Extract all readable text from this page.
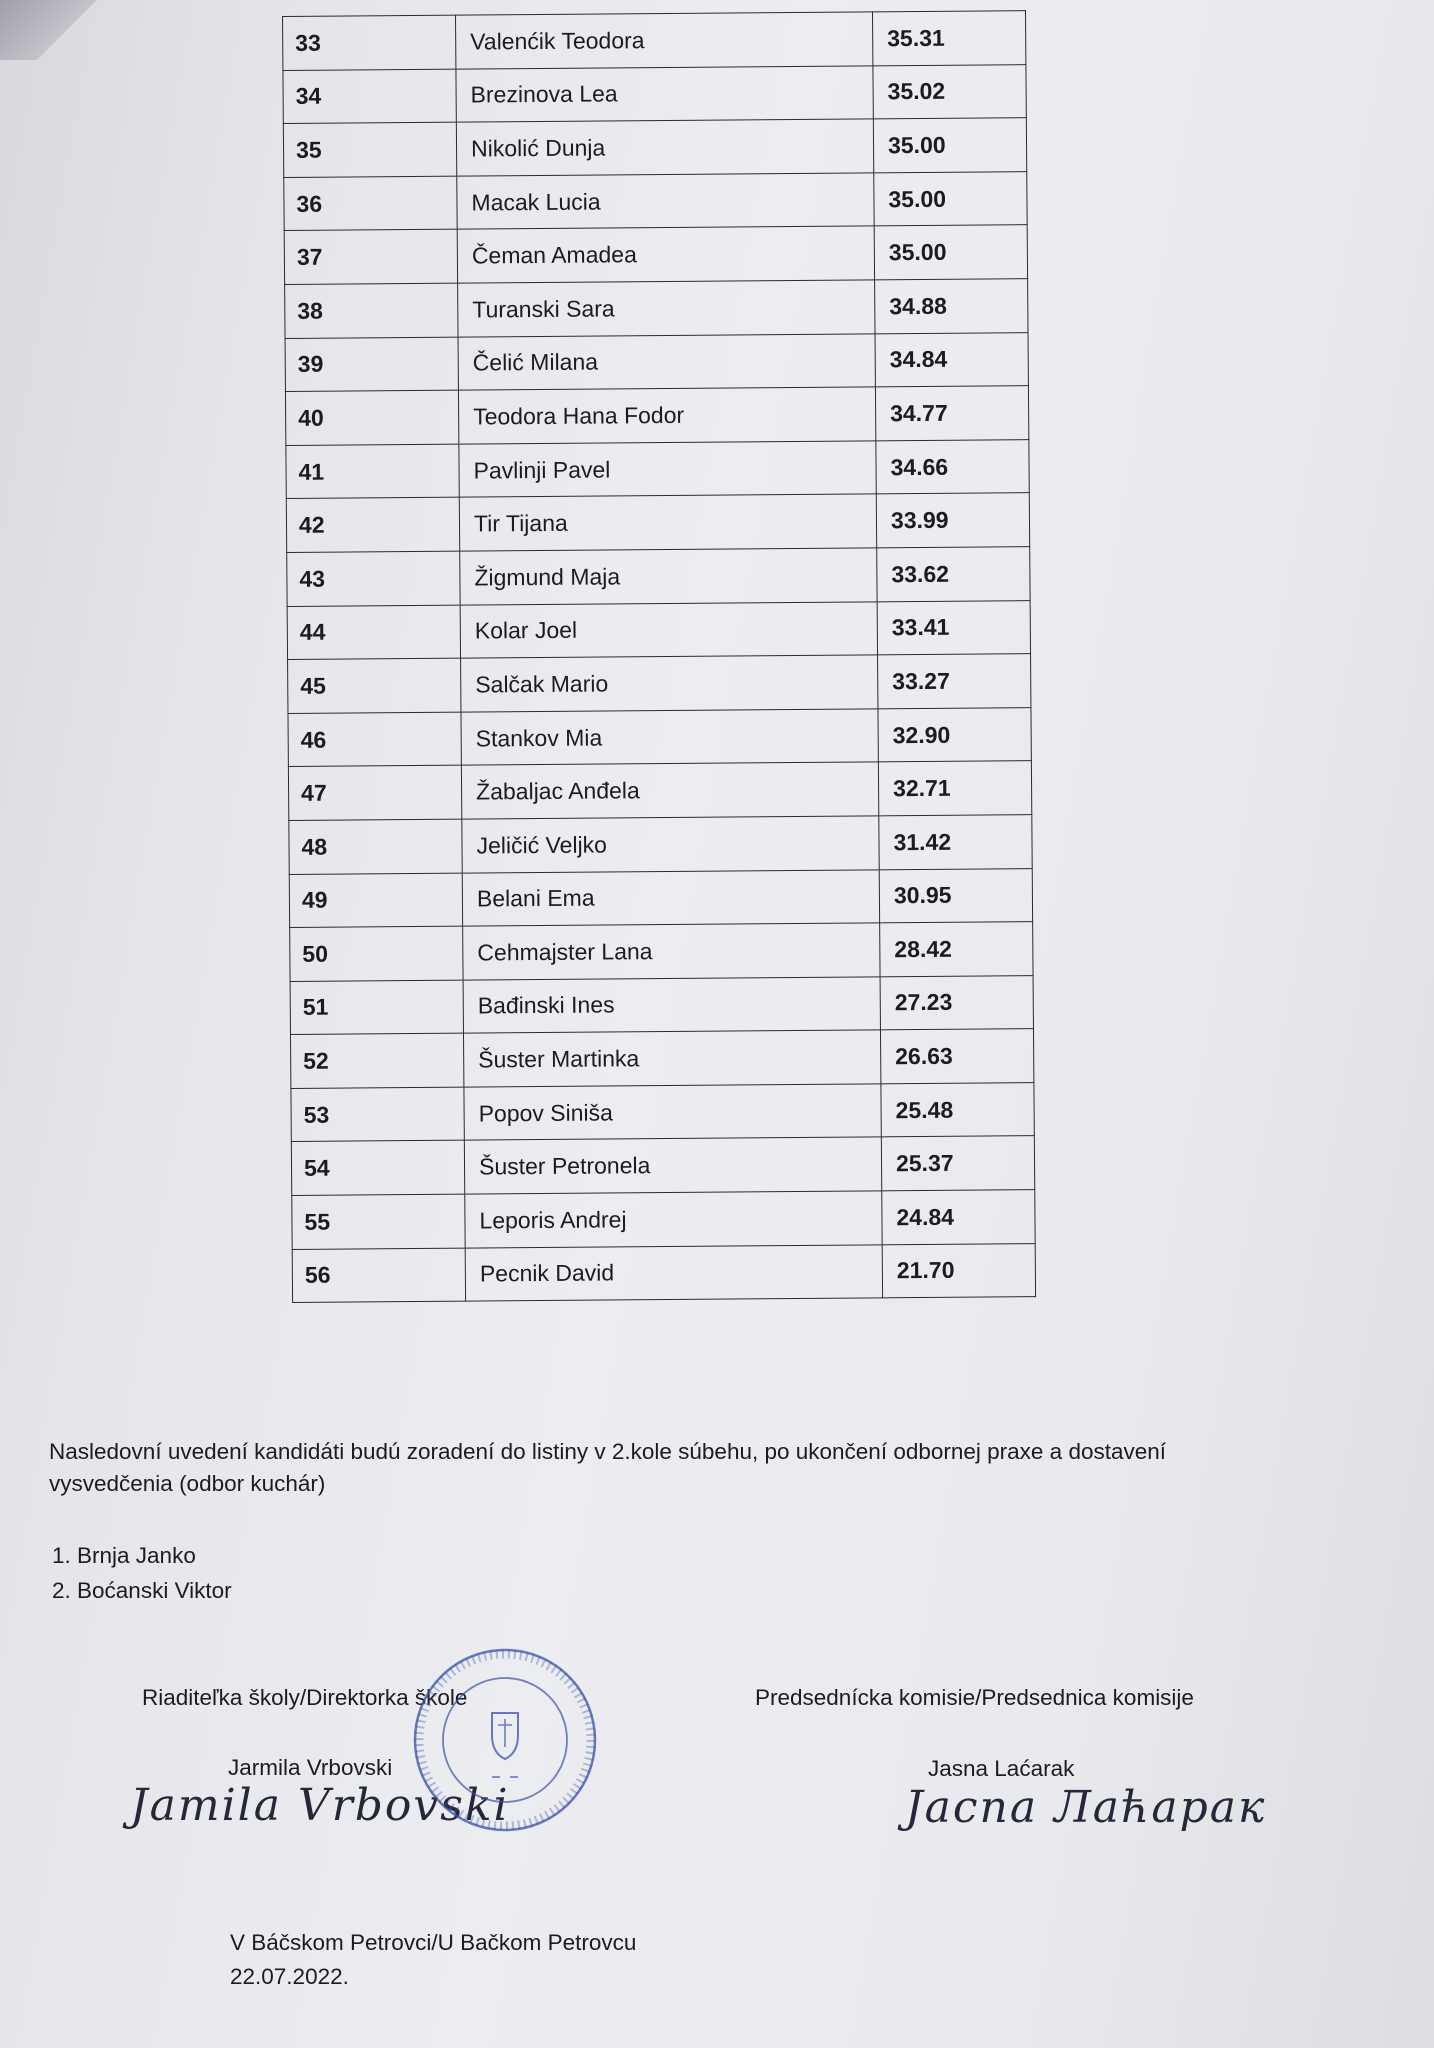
33	Valenćik Teodora	35.31
34	Brezinova Lea	35.02
35	Nikolić Dunja	35.00
36	Macak Lucia	35.00
37	Čeman Amadea	35.00
38	Turanski Sara	34.88
39	Čelić Milana	34.84
40	Teodora Hana Fodor	34.77
41	Pavlinji Pavel	34.66
42	Tir Tijana	33.99
43	Žigmund Maja	33.62
44	Kolar Joel	33.41
45	Salčak Mario	33.27
46	Stankov Mia	32.90
47	Žabaljac Anđela	32.71
48	Jeličić Veljko	31.42
49	Belani Ema	30.95
50	Cehmajster Lana	28.42
51	Bađinski Ines	27.23
52	Šuster Martinka	26.63
53	Popov Siniša	25.48
54	Šuster Petronela	25.37
55	Leporis Andrej	24.84
56	Pecnik David	21.70
Nasledovní uvedení kandidáti budú zoradení do listiny v 2.kole súbehu, po ukončení odbornej praxe a dostavení
vysvedčenia (odbor kuchár)
1. Brnja Janko
2. Boćanski Viktor
Riaditeľka školy/Direktorka škole
Jarmila Vrbovski
Jamila Vrbovski
Predsednícka komisie/Predsednica komisije
Jasna Laćarak
Jacna Лаћарак
V Báčskom Petrovci/U Bačkom Petrovcu
22.07.2022.
